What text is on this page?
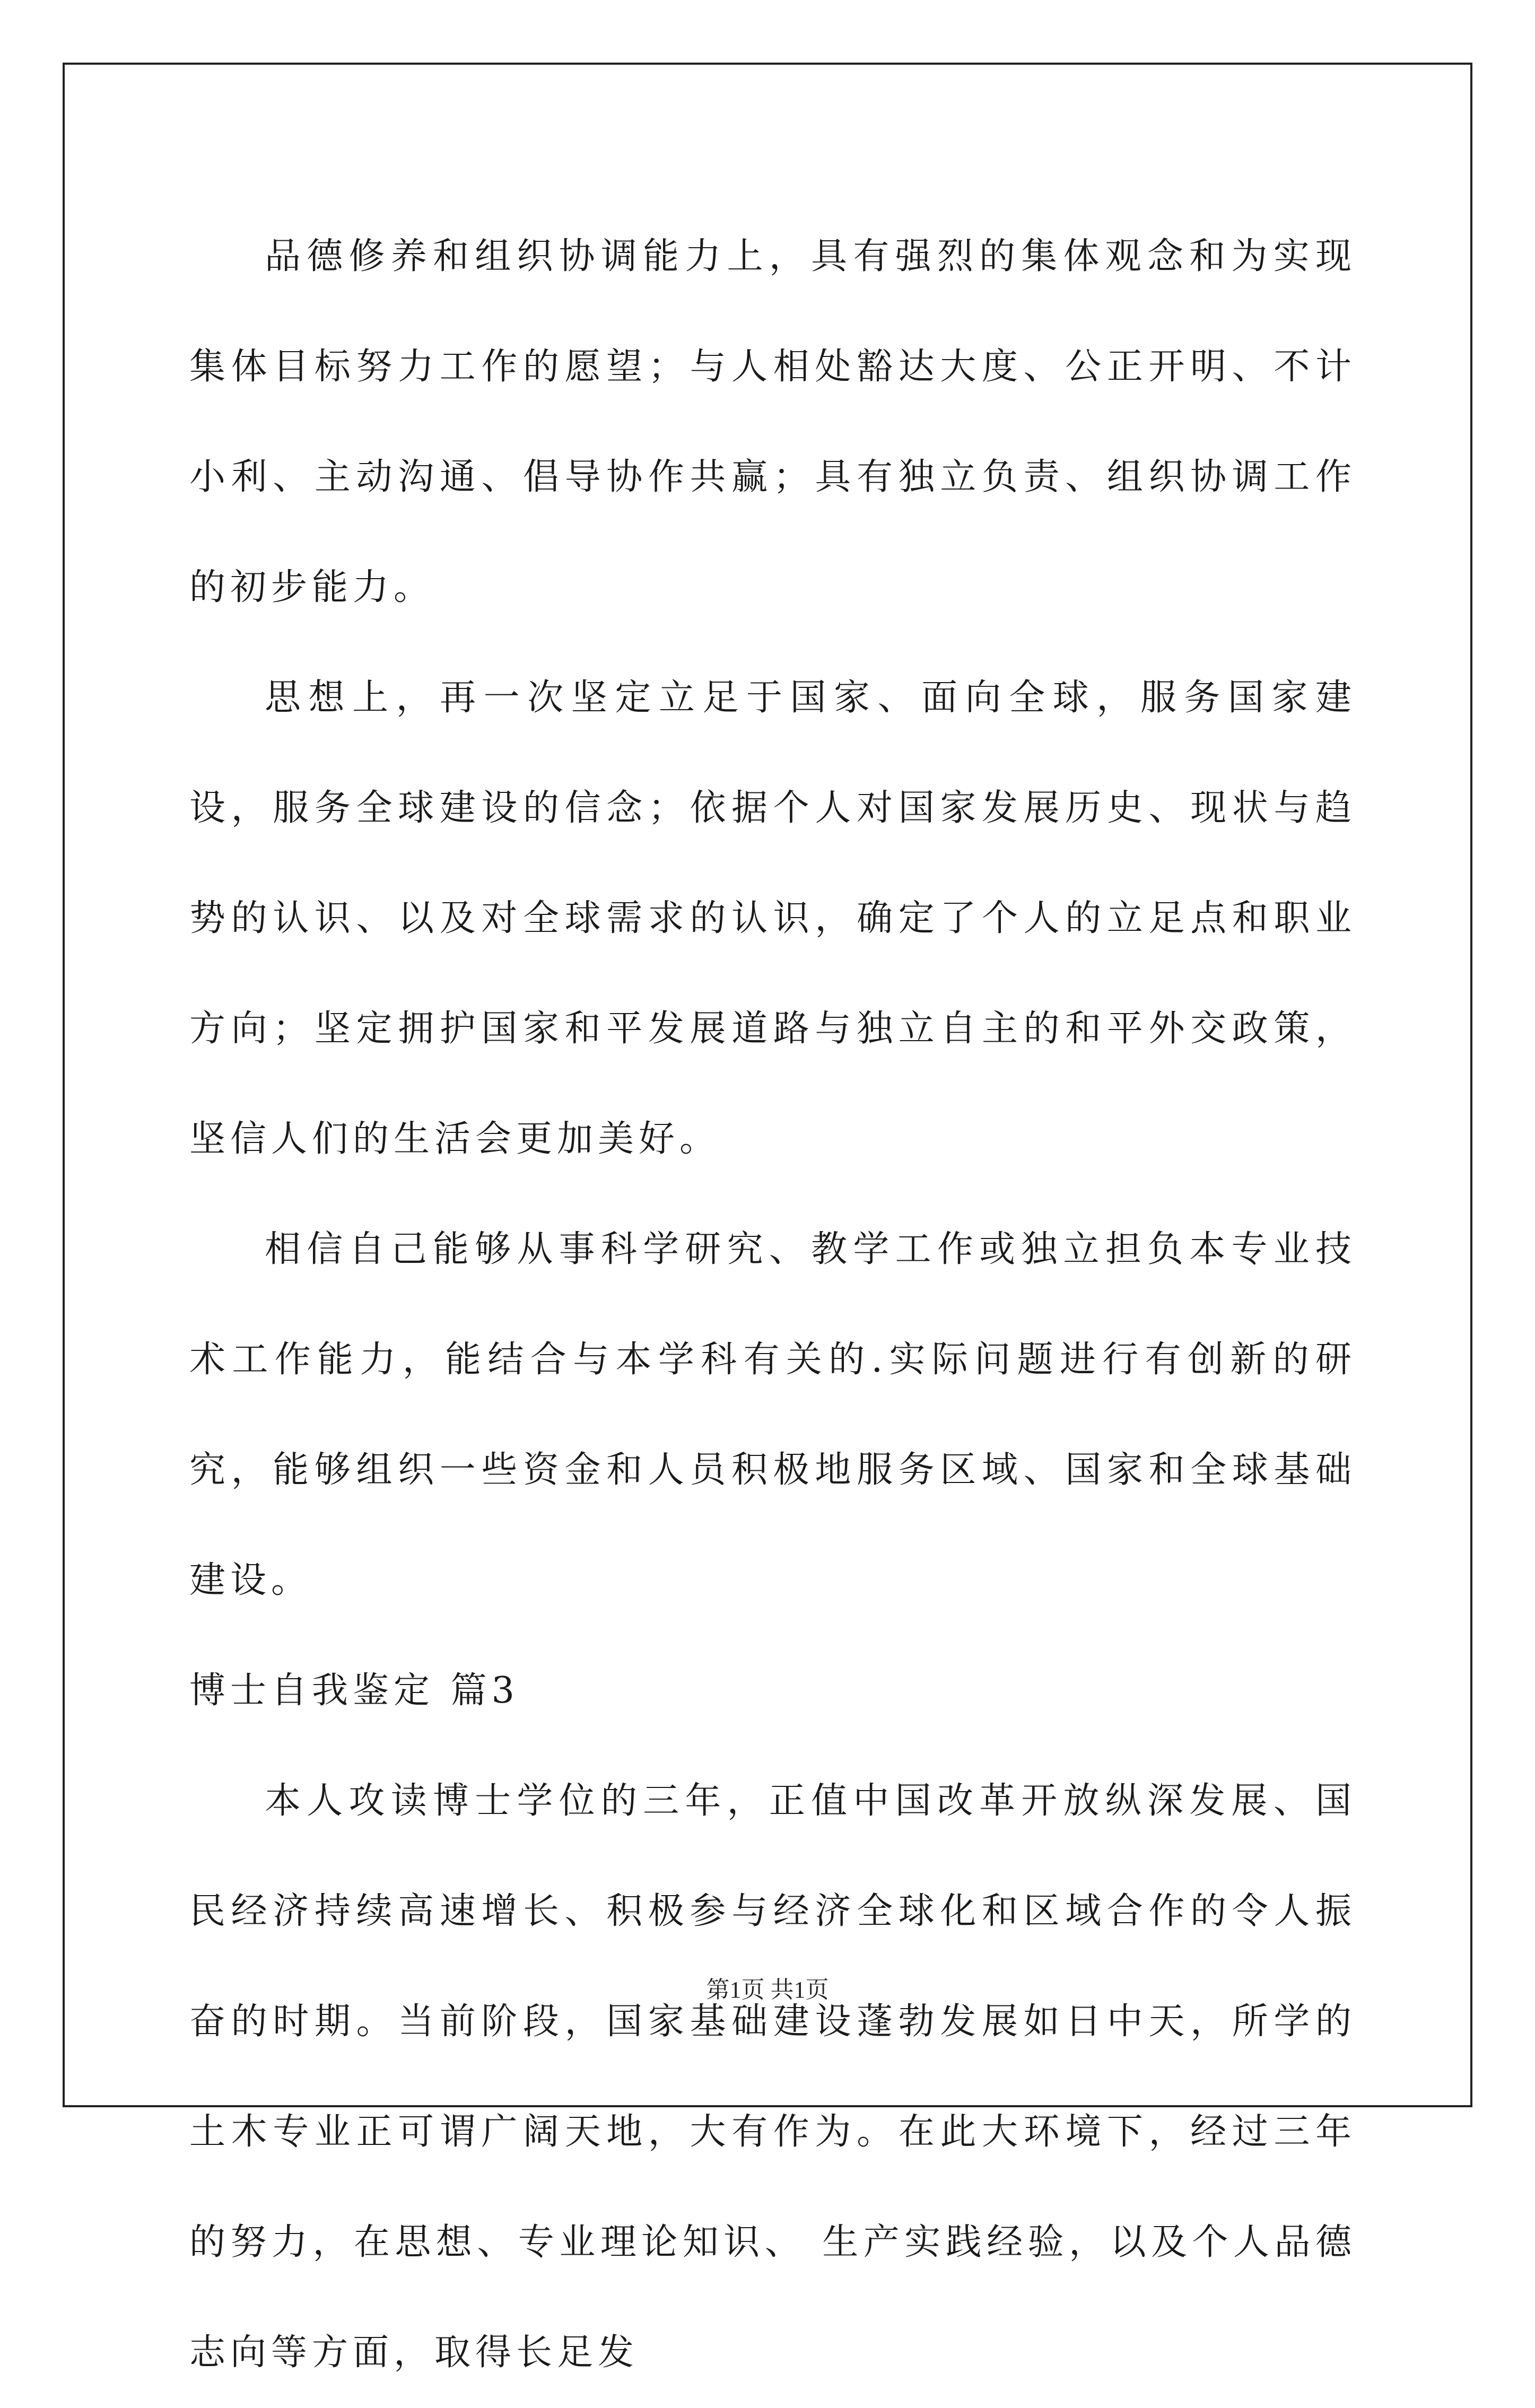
品德修养和组织协调能力上，具有强烈的集体观念和为实现集体目标努力工作的愿望；与人相处豁达大度、公正开明、不计小利、主动沟通、倡导协作共赢；具有独立负责、组织协调工作的初步能力。

思想上，再一次坚定立足于国家、面向全球，服务国家建设，服务全球建设的信念；依据个人对国家发展历史、现状与趋势的认识、以及对全球需求的认识，确定了个人的立足点和职业方向；坚定拥护国家和平发展道路与独立自主的和平外交政策，坚信人们的生活会更加美好。

相信自己能够从事科学研究、教学工作或独立担负本专业技术工作能力，能结合与本学科有关的.实际问题进行有创新的研究，能够组织一些资金和人员积极地服务区域、国家和全球基础建设。

博士自我鉴定 篇3

本人攻读博士学位的三年，正值中国改革开放纵深发展、国民经济持续高速增长、积极参与经济全球化和区域合作的令人振奋的时期。当前阶段，国家基础建设蓬勃发展如日中天，所学的土木专业正可谓广阔天地，大有作为。在此大环境下，经过三年的努力，在思想、专业理论知识、 生产实践经验，以及个人品德志向等方面，取得长足发

第1页 共1页
